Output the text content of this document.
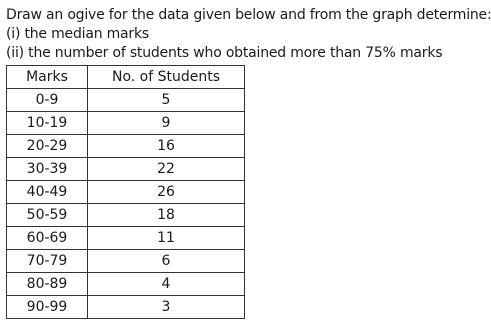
Draw an ogive for the data given below and from the graph determine:
(i) the median marks
(ii) the number of students who obtained more than 75% marks
Marks	No. of Students
0-9	5
10-19	9
20-29	16
30-39	22
40-49	26
50-59	18
60-69	11
70-79	6
80-89	4
90-99	3
